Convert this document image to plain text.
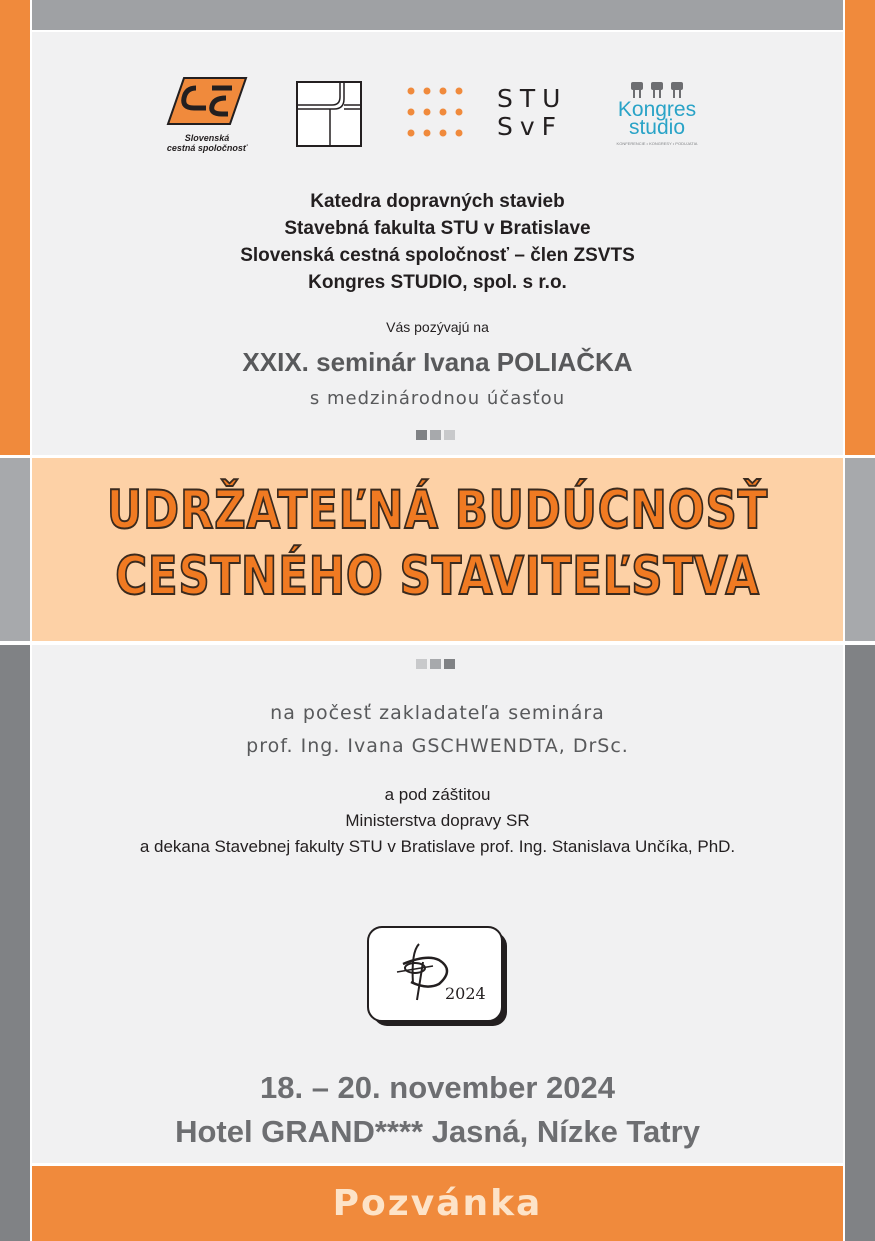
Slovenská
cestná spoločnosť
STU
SvF
Kongres
studio
KONFERENCIE • KONGRESY • PODUJATIA
Katedra dopravných stavieb
Stavebná fakulta STU v Bratislave
Slovenská cestná spoločnosť – člen ZSVTS
Kongres STUDIO, spol. s r.o.
Vás pozývajú na
XXIX. seminár Ivana POLIAČKA
s medzinárodnou účasťou
UDRŽATEĽNÁ BUDÚCNOSŤ
CESTNÉHO STAVITEĽSTVA
na počesť zakladateľa seminára
prof. Ing. Ivana GSCHWENDTA, DrSc.
a pod záštitou
Ministerstva dopravy SR
a dekana Stavebnej fakulty STU v Bratislave prof. Ing. Stanislava Unčíka, PhD.
2024
18. – 20. november 2024
Hotel GRAND**** Jasná, Nízke Tatry
Pozvánka
